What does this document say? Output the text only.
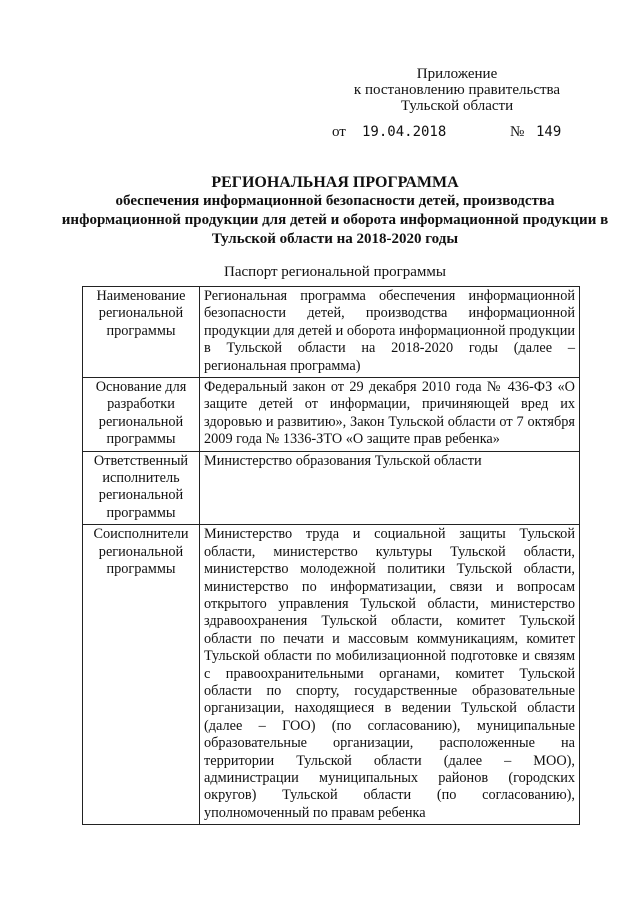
Приложение
к постановлению правительства
Тульской области
от 19.04.2018	№ 149
РЕГИОНАЛЬНАЯ ПРОГРАММА
обеспечения информационной безопасности детей, производства информационной продукции для детей и оборота информационной продукции в Тульской области на 2018-2020 годы
Паспорт региональной программы
Наименование региональной программы	Региональная программа обеспечения информационной безопасности детей, производства информационной продукции для детей и оборота информационной продукции в Тульской области на 2018-2020 годы (далее – региональная программа)
Основание для разработки региональной программы	Федеральный закон от 29 декабря 2010 года № 436-ФЗ «О защите детей от информации, причиняющей вред их здоровью и развитию», Закон Тульской области от 7 октября 2009 года № 1336-ЗТО «О защите прав ребенка»
Ответственный исполнитель региональной программы	Министерство образования Тульской области
Соисполнители региональной программы	Министерство труда и социальной защиты Тульской области, министерство культуры Тульской области, министерство молодежной политики Тульской области, министерство по информатизации, связи и вопросам открытого управления Тульской области, министерство здравоохранения Тульской области, комитет Тульской области по печати и массовым коммуникациям, комитет Тульской области по мобилизационной подготовке и связям с правоохранительными органами, комитет Тульской области по спорту, государственные образовательные организации, находящиеся в ведении Тульской области (далее – ГОО) (по согласованию), муниципальные образовательные организации, расположенные на территории Тульской области (далее – МОО), администрации муниципальных районов (городских округов) Тульской области (по согласованию), уполномоченный по правам ребенка
